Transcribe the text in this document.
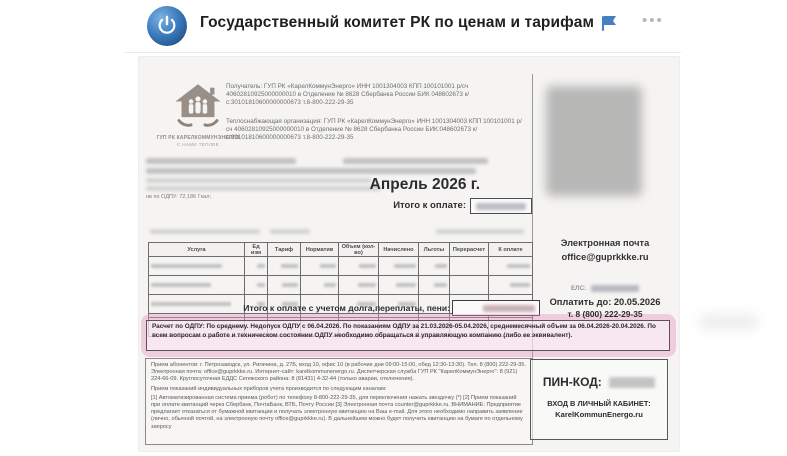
Государственный комитет РК по ценам и тарифам	•••
ГУП РК КАРЕЛКОММУНЭНЕРГО
С НАМИ ТЕПЛЕЕ
Получатель: ГУП РК «КарелКоммунЭнерго» ИНН 1001304003 КПП 100101001 р/сч 40602810925000000010 в Отделение № 8628 Сбербанка России БИК 048602673 к/с:30101810600000000673 т.8-800-222-29-35
Теплоснабжающая организация: ГУП РК «КарелКоммунЭнерго» ИНН 1001304003 КПП 100101001 р/сч 40602810925000000010 в Отделение № 8628 Сбербанка России БИК:048602673 к/с:30101810600000000673 т.8-800-222-29-35
нв по ОДПУ: 72,186 Гкал;
Апрель 2026 г.
Итого к оплате:
Услуга	Ед изм	Тариф	Норматив	Объем (кол-во)	Начислено	Льготы	Перерасчет	К оплате

Итого к оплате с учетом долга,переплаты, пени:
Расчет по ОДПУ: По среднему. Недопуск ОДПУ с 06.04.2026. По показаниям ОДПУ за 21.03.2026-05.04.2026, среднемесячный объем за 06.04.2026-20.04.2026. По всем вопросам о работе и техническом состоянии ОДПУ необходимо обращаться в управляющую компанию (либо ее эквивалент).

Прием абонентов: г. Петрозаводск, ул. Ригачина, д. 27Б, вход 10, офис 10 (в рабочие дни 09:00-15:00, обед 12:30-13:30). Тел. 8 (800) 222-29-35. Электронная почта: office@guprkkke.ru. Интернет-сайт: karelkommunenergo.ru. Диспетчерская служба ГУП РК "КарелКоммунЭнерго": 8 (921) 224-66-09. Круглосуточная ЕДДС Сегежского района: 8 (81431) 4-32-44 (только аварии, отключения).

Прием показаний индивидуальных приборов учета производится по следующим каналам:

[1] Автоматизированная система приема (робот) по телефону 8-800-222-29-35, для переключения нажать звездочку (*) [2] Прием показаний при оплате квитанций через Сбербанк, ПочтаБанк, ВТБ, Почту России [3] Электронная почта counter@guprkkke.ru. ВНИМАНИЕ: Предприятие предлагает отказаться от бумажной квитанции и получать электронную квитанцию на Ваш e-mail. Для этого необходимо направить заявление (лично, обычной почтой, на электронную почту office@guprkkke.ru). В дальнейшем можно будет получить квитанцию на бумаге по отдельному запросу

Электронная почта
office@guprkkke.ru
ЕЛС:
Оплатить до: 20.05.2026
т. 8 (800) 222-29-35
ПИН-КОД:
ВХОД В ЛИЧНЫЙ КАБИНЕТ:
KarelKommunEnergo.ru
